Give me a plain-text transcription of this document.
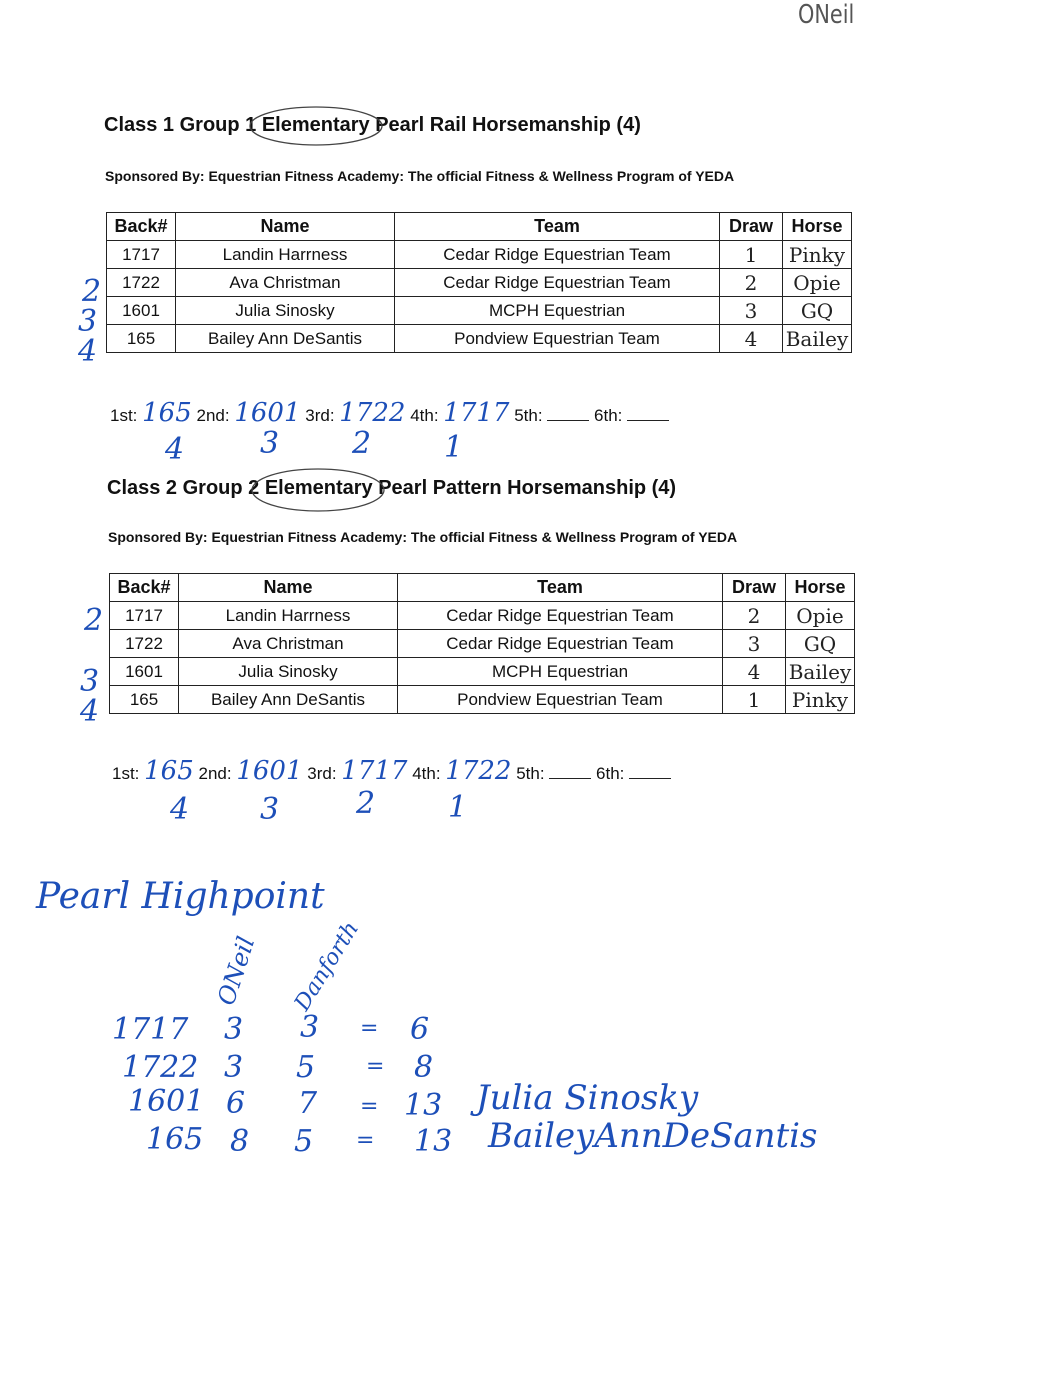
ONeil
Class 1 Group 1 Elementary Pearl Rail Horsemanship (4)
Sponsored By: Equestrian Fitness Academy: The official Fitness & Wellness Program of YEDA
Back#	Name	Team	Draw	Horse
1717	Landin Harrness	Cedar Ridge Equestrian Team	1	Pinky
1722	Ava Christman	Cedar Ridge Equestrian Team	2	Opie
1601	Julia Sinosky	MCPH Equestrian	3	GQ
165	Bailey Ann DeSantis	Pondview Equestrian Team	4	Bailey
2
3
4
1st: 165 2nd: 1601 3rd: 1722 4th: 1717 5th:	6th:
4	3 2 1
Class 2 Group 2 Elementary Pearl Pattern Horsemanship (4)
Sponsored By: Equestrian Fitness Academy: The official Fitness & Wellness Program of YEDA
Back#	Name	Team	Draw	Horse
1717	Landin Harrness	Cedar Ridge Equestrian Team	2	Opie
1722	Ava Christman	Cedar Ridge Equestrian Team	3	GQ
1601	Julia Sinosky	MCPH Equestrian	4	Bailey
165	Bailey Ann DeSantis	Pondview Equestrian Team	1	Pinky
2
3
4
1st: 165 2nd: 1601 3rd: 1717 4th: 1722 5th:	6th:
4 3	2 1
Pearl Highpoint
ONeil Danforth
1717 3 3 = 6
1722 3 5 = 8
1601 6 7 = 13 Julia Sinosky
165 8 5 = 13 BaileyAnnDeSantis
